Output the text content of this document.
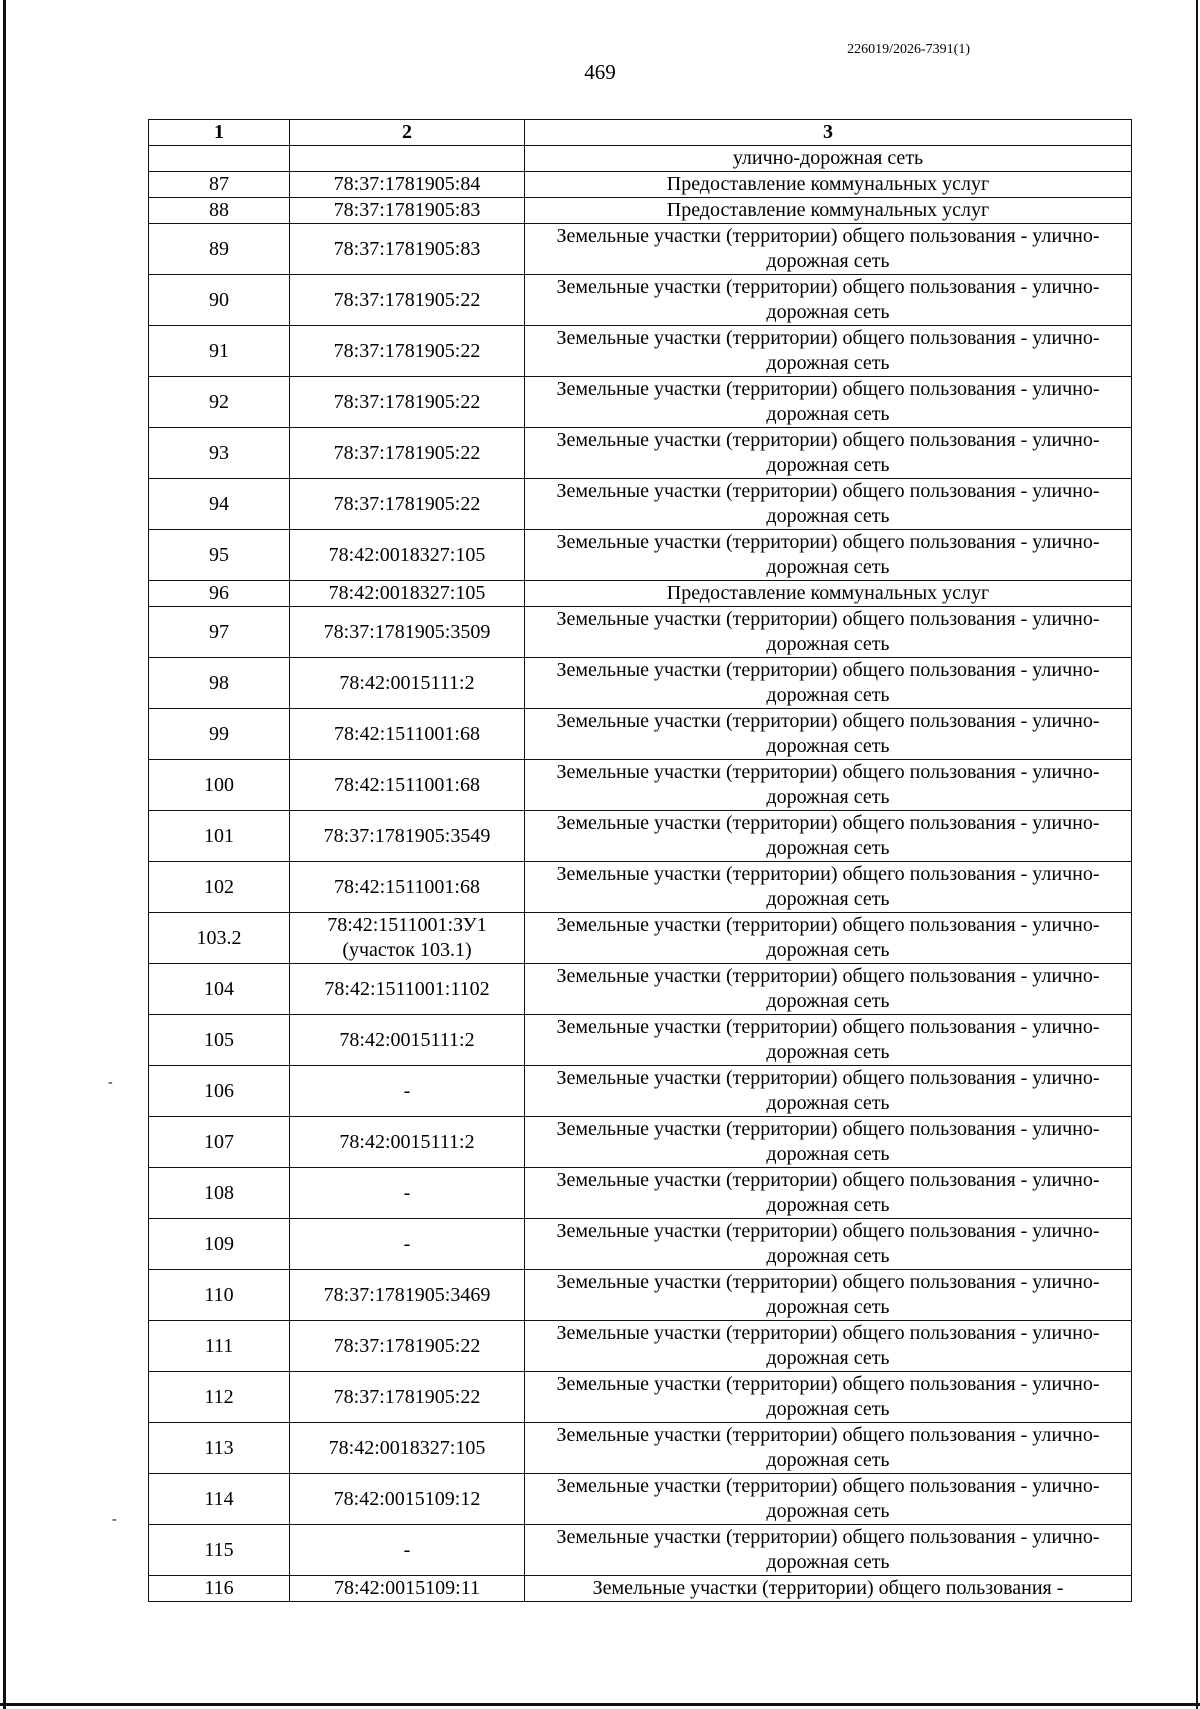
226019/2026-7391(1)
469
-
-
1	2	3
		улично-дорожная сеть
87	78:37:1781905:84	Предоставление коммунальных услуг
88	78:37:1781905:83	Предоставление коммунальных услуг
89	78:37:1781905:83	Земельные участки (территории) общего пользования - улично-дорожная сеть
90	78:37:1781905:22	Земельные участки (территории) общего пользования - улично-дорожная сеть
91	78:37:1781905:22	Земельные участки (территории) общего пользования - улично-дорожная сеть
92	78:37:1781905:22	Земельные участки (территории) общего пользования - улично-дорожная сеть
93	78:37:1781905:22	Земельные участки (территории) общего пользования - улично-дорожная сеть
94	78:37:1781905:22	Земельные участки (территории) общего пользования - улично-дорожная сеть
95	78:42:0018327:105	Земельные участки (территории) общего пользования - улично-дорожная сеть
96	78:42:0018327:105	Предоставление коммунальных услуг
97	78:37:1781905:3509	Земельные участки (территории) общего пользования - улично-дорожная сеть
98	78:42:0015111:2	Земельные участки (территории) общего пользования - улично-дорожная сеть
99	78:42:1511001:68	Земельные участки (территории) общего пользования - улично-дорожная сеть
100	78:42:1511001:68	Земельные участки (территории) общего пользования - улично-дорожная сеть
101	78:37:1781905:3549	Земельные участки (территории) общего пользования - улично-дорожная сеть
102	78:42:1511001:68	Земельные участки (территории) общего пользования - улично-дорожная сеть
103.2	78:42:1511001:ЗУ1 (участок 103.1)	Земельные участки (территории) общего пользования - улично-дорожная сеть
104	78:42:1511001:1102	Земельные участки (территории) общего пользования - улично-дорожная сеть
105	78:42:0015111:2	Земельные участки (территории) общего пользования - улично-дорожная сеть
106	-	Земельные участки (территории) общего пользования - улично-дорожная сеть
107	78:42:0015111:2	Земельные участки (территории) общего пользования - улично-дорожная сеть
108	-	Земельные участки (территории) общего пользования - улично-дорожная сеть
109	-	Земельные участки (территории) общего пользования - улично-дорожная сеть
110	78:37:1781905:3469	Земельные участки (территории) общего пользования - улично-дорожная сеть
111	78:37:1781905:22	Земельные участки (территории) общего пользования - улично-дорожная сеть
112	78:37:1781905:22	Земельные участки (территории) общего пользования - улично-дорожная сеть
113	78:42:0018327:105	Земельные участки (территории) общего пользования - улично-дорожная сеть
114	78:42:0015109:12	Земельные участки (территории) общего пользования - улично-дорожная сеть
115	-	Земельные участки (территории) общего пользования - улично-дорожная сеть
116	78:42:0015109:11	Земельные участки (территории) общего пользования -
